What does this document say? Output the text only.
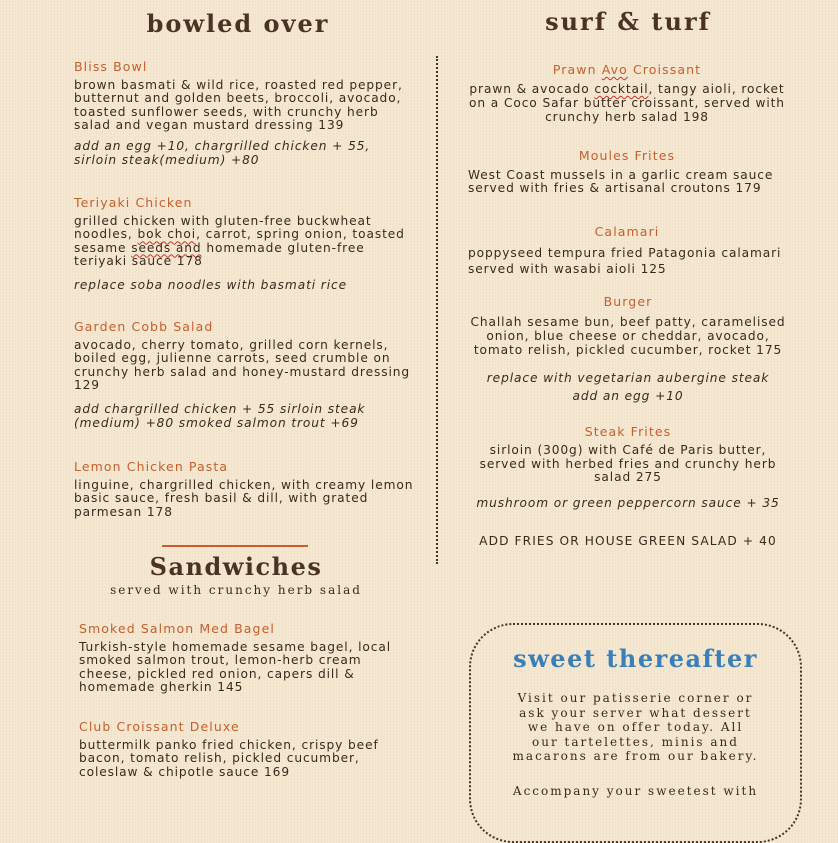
bowled over

Bliss Bowl

brown basmati & wild rice, roasted red pepper, butternut and golden beets, broccoli, avocado, toasted sunflower seeds, with crunchy herb salad and vegan mustard dressing 139

add an egg +10, chargrilled chicken + 55, sirloin steak(medium) +80

Teriyaki Chicken

grilled chicken with gluten-free buckwheat noodles, bok choi, carrot, spring onion, toasted sesame seeds and homemade gluten-free teriyaki sauce 178

replace soba noodles with basmati rice

Garden Cobb Salad

avocado, cherry tomato, grilled corn kernels, boiled egg, julienne carrots, seed crumble on crunchy herb salad and honey-mustard dressing 129

add chargrilled chicken + 55 sirloin steak (medium) +80 smoked salmon trout +69

Lemon Chicken Pasta

linguine, chargrilled chicken, with creamy lemon basic sauce, fresh basil & dill, with grated parmesan 178

Sandwiches

served with crunchy herb salad

Smoked Salmon Med Bagel

Turkish-style homemade sesame bagel, local smoked salmon trout, lemon-herb cream cheese, pickled red onion, capers dill & homemade gherkin 145

Club Croissant Deluxe

buttermilk panko fried chicken, crispy beef bacon, tomato relish, pickled cucumber, coleslaw & chipotle sauce 169

surf & turf

Prawn Avo Croissant

prawn & avocado cocktail, tangy aioli, rocket on a Coco Safar butter croissant, served with crunchy herb salad 198

Moules Frites

West Coast mussels in a garlic cream sauce served with fries & artisanal croutons 179

Calamari

poppyseed tempura fried Patagonia calamari served with wasabi aioli 125

Burger

Challah sesame bun, beef patty, caramelised onion, blue cheese or cheddar, avocado, tomato relish, pickled cucumber, rocket 175

replace with vegetarian aubergine steak

add an egg +10

Steak Frites

sirloin (300g) with Café de Paris butter, served with herbed fries and crunchy herb salad 275

mushroom or green peppercorn sauce + 35

ADD FRIES OR HOUSE GREEN SALAD + 40

sweet thereafter

Visit our patisserie corner or ask your server what dessert we have on offer today. All our tartelettes, minis and macarons are from our bakery.

Accompany your sweetest with
